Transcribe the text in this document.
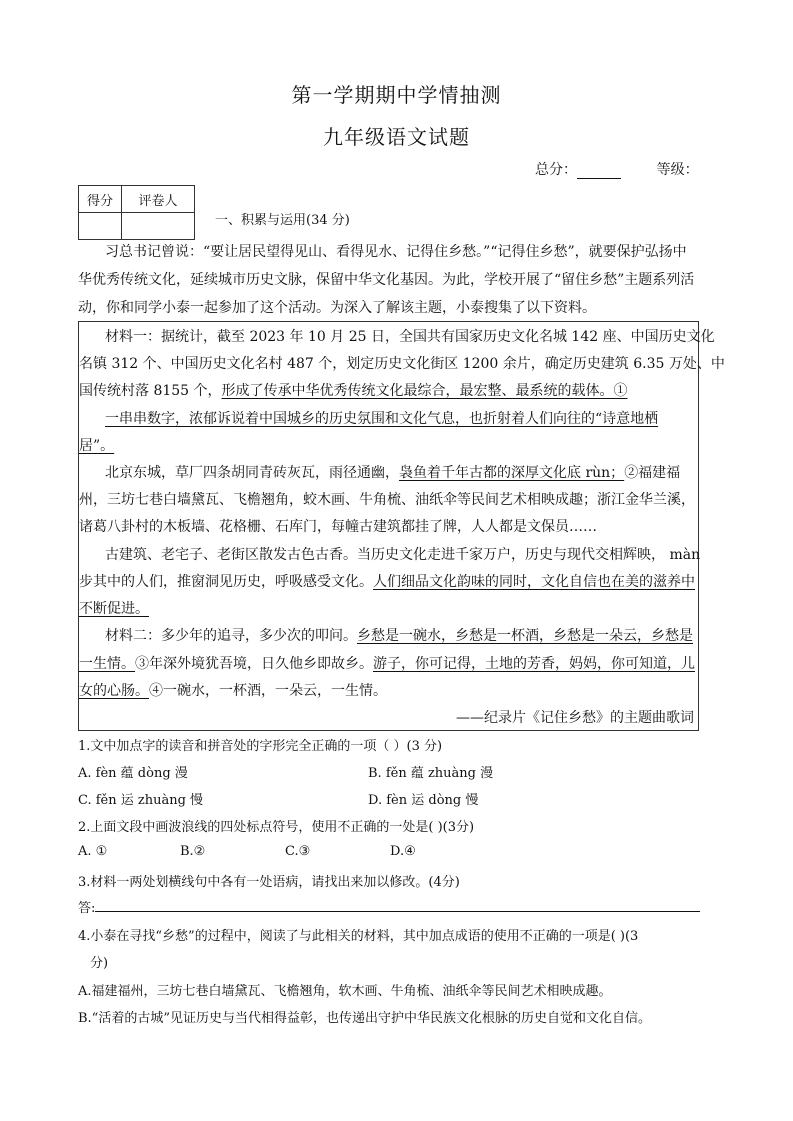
第一学期期中学情抽测
九年级语文试题
总分：	等级：
得分	评卷人

一、积累与运用(34 分)
习总书记曾说：“要让居民望得见山、看得见水、记得住乡愁。”“记得住乡愁”，就要保护弘扬中
华优秀传统文化，延续城市历史文脉，保留中华文化基因。为此，学校开展了“留住乡愁”主题系列活
动，你和同学小泰一起参加了这个活动。为深入了解该主题，小泰搜集了以下资料。
材料一：据统计，截至 2023 年 10 月 25 日，全国共有国家历史文化名城 142 座、中国历史文化
名镇 312 个、中国历史文化名村 487 个，划定历史文化街区 1200 余片，确定历史建筑 6.35 万处、中
国传统村落 8155 个，形成了传承中华优秀传统文化最综合，最宏整、最系统的载体。①
一串串数字，浓郁诉说着中国城乡的历史氛围和文化气息，也折射着人们向往的“诗意地栖
居”。
北京东城，草厂四条胡同青砖灰瓦，雨径通幽，袅鱼着千年古都的深厚文化底 rùn；②福建福
州，三坊七巷白墙黛瓦、飞檐翘角，蛟木画、牛角梳、油纸伞等民间艺术相映成趣；浙江金华兰溪，
诸葛八卦村的木板墙、花格栅、石库门，每幢古建筑都挂了牌，人人都是文保员……
古建筑、老宅子、老街区散发古色古香。当历史文化走进千家万户，历史与现代交相辉映， màn
步其中的人们，推窗洞见历史，呼吸感受文化。人们细品文化韵味的同时，文化自信也在美的滋养中
不断促进。
材料二：多少年的追寻，多少次的叩问。乡愁是一碗水，乡愁是一杯酒，乡愁是一朵云，乡愁是
一生情。③年深外境犹吾境，日久他乡即故乡。游子，你可记得，土地的芳香，妈妈，你可知道，儿
女的心肠。④一碗水，一杯酒，一朵云，一生情。
——纪录片《记住乡愁》的主题曲歌词
1.文中加点字的读音和拼音处的字形完全正确的一项（ ）(3 分)
A. fèn 蕴 dòng 漫	B. fěn 蕴 zhuàng 漫
C. fěn 运 zhuàng 慢	D. fèn 运 dòng 慢
2.上面文段中画波浪线的四处标点符号，使用不正确的一处是( )(3分)
A. ①	B.②	C.③	D.④
3.材料一两处划横线句中各有一处语病，请找出来加以修改。(4分)
答:
4.小泰在寻找“乡愁”的过程中，阅读了与此相关的材料，其中加点成语的使用不正确的一项是( )(3
分)
A.福建福州，三坊七巷白墙黛瓦、飞檐翘角，软木画、牛角梳、油纸伞等民间艺术相映成趣。
B.“活着的古城”见证历史与当代相得益彰，也传递出守护中华民族文化根脉的历史自觉和文化自信。
